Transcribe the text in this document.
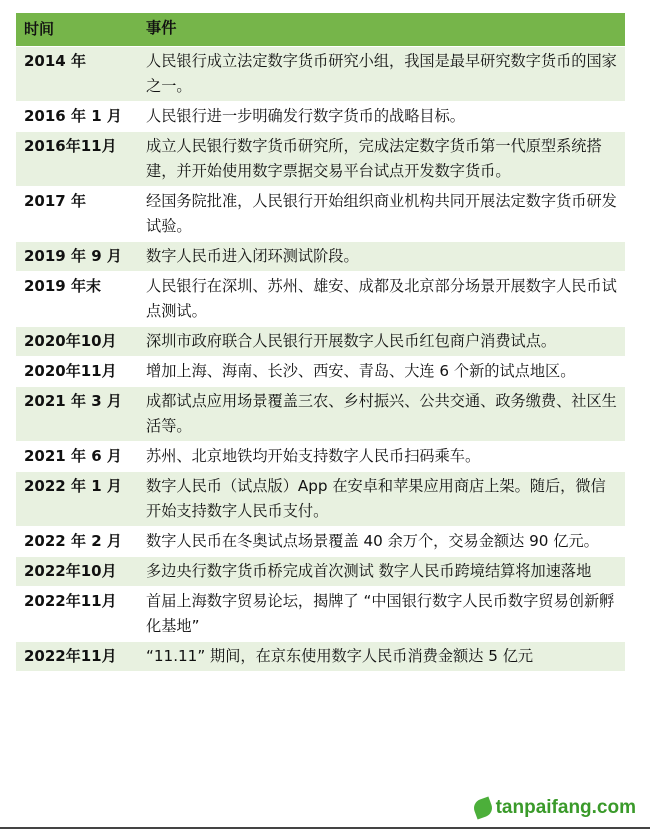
时间	事件
2014 年	人民银行成立法定数字货币研究小组，我国是最早研究数字货币的国家之一。
2016 年 1 月	人民银行进一步明确发行数字货币的战略目标。
2016年11月	成立人民银行数字货币研究所，完成法定数字货币第一代原型系统搭建，并开始使用数字票据交易平台试点开发数字货币。
2017 年	经国务院批准，人民银行开始组织商业机构共同开展法定数字货币研发试验。
2019 年 9 月	数字人民币进入闭环测试阶段。
2019 年末	人民银行在深圳、苏州、雄安、成都及北京部分场景开展数字人民币试点测试。
2020年10月	深圳市政府联合人民银行开展数字人民币红包商户消费试点。
2020年11月	增加上海、海南、长沙、西安、青岛、大连 6 个新的试点地区。
2021 年 3 月	成都试点应用场景覆盖三农、乡村振兴、公共交通、政务缴费、社区生活等。
2021 年 6 月	苏州、北京地铁均开始支持数字人民币扫码乘车。
2022 年 1 月	数字人民币（试点版）App 在安卓和苹果应用商店上架。随后，微信开始支持数字人民币支付。
2022 年 2 月	数字人民币在冬奥试点场景覆盖 40 余万个，交易金额达 90 亿元。
2022年10月	多边央行数字货币桥完成首次测试 数字人民币跨境结算将加速落地
2022年11月	首届上海数字贸易论坛，揭牌了 “中国银行数字人民币数字贸易创新孵化基地”
2022年11月	“11.11” 期间，在京东使用数字人民币消费金额达 5 亿元
tanpaifang.com
